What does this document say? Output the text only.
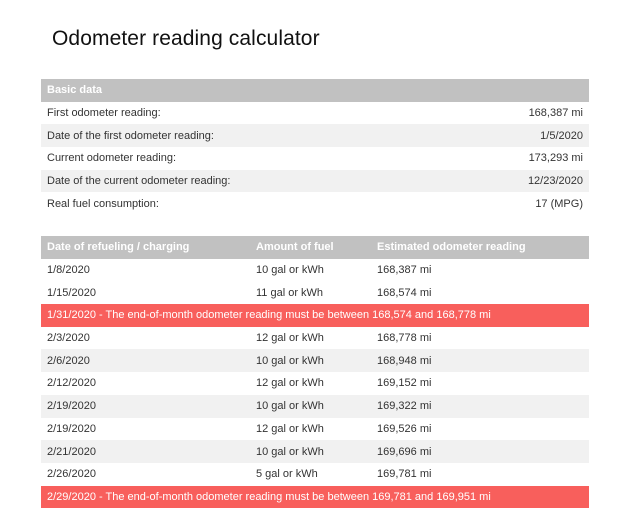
Odometer reading calculator
Basic data
First odometer reading:	168,387 mi
Date of the first odometer reading:	1/5/2020
Current odometer reading:	173,293 mi
Date of the current odometer reading:	12/23/2020
Real fuel consumption:	17 (MPG)
Date of refueling / charging	Amount of fuel	Estimated odometer reading
1/8/2020	10 gal or kWh	168,387 mi
1/15/2020	11 gal or kWh	168,574 mi
1/31/2020 - The end-of-month odometer reading must be between 168,574 and 168,778 mi
2/3/2020	12 gal or kWh	168,778 mi
2/6/2020	10 gal or kWh	168,948 mi
2/12/2020	12 gal or kWh	169,152 mi
2/19/2020	10 gal or kWh	169,322 mi
2/19/2020	12 gal or kWh	169,526 mi
2/21/2020	10 gal or kWh	169,696 mi
2/26/2020	5 gal or kWh	169,781 mi
2/29/2020 - The end-of-month odometer reading must be between 169,781 and 169,951 mi
